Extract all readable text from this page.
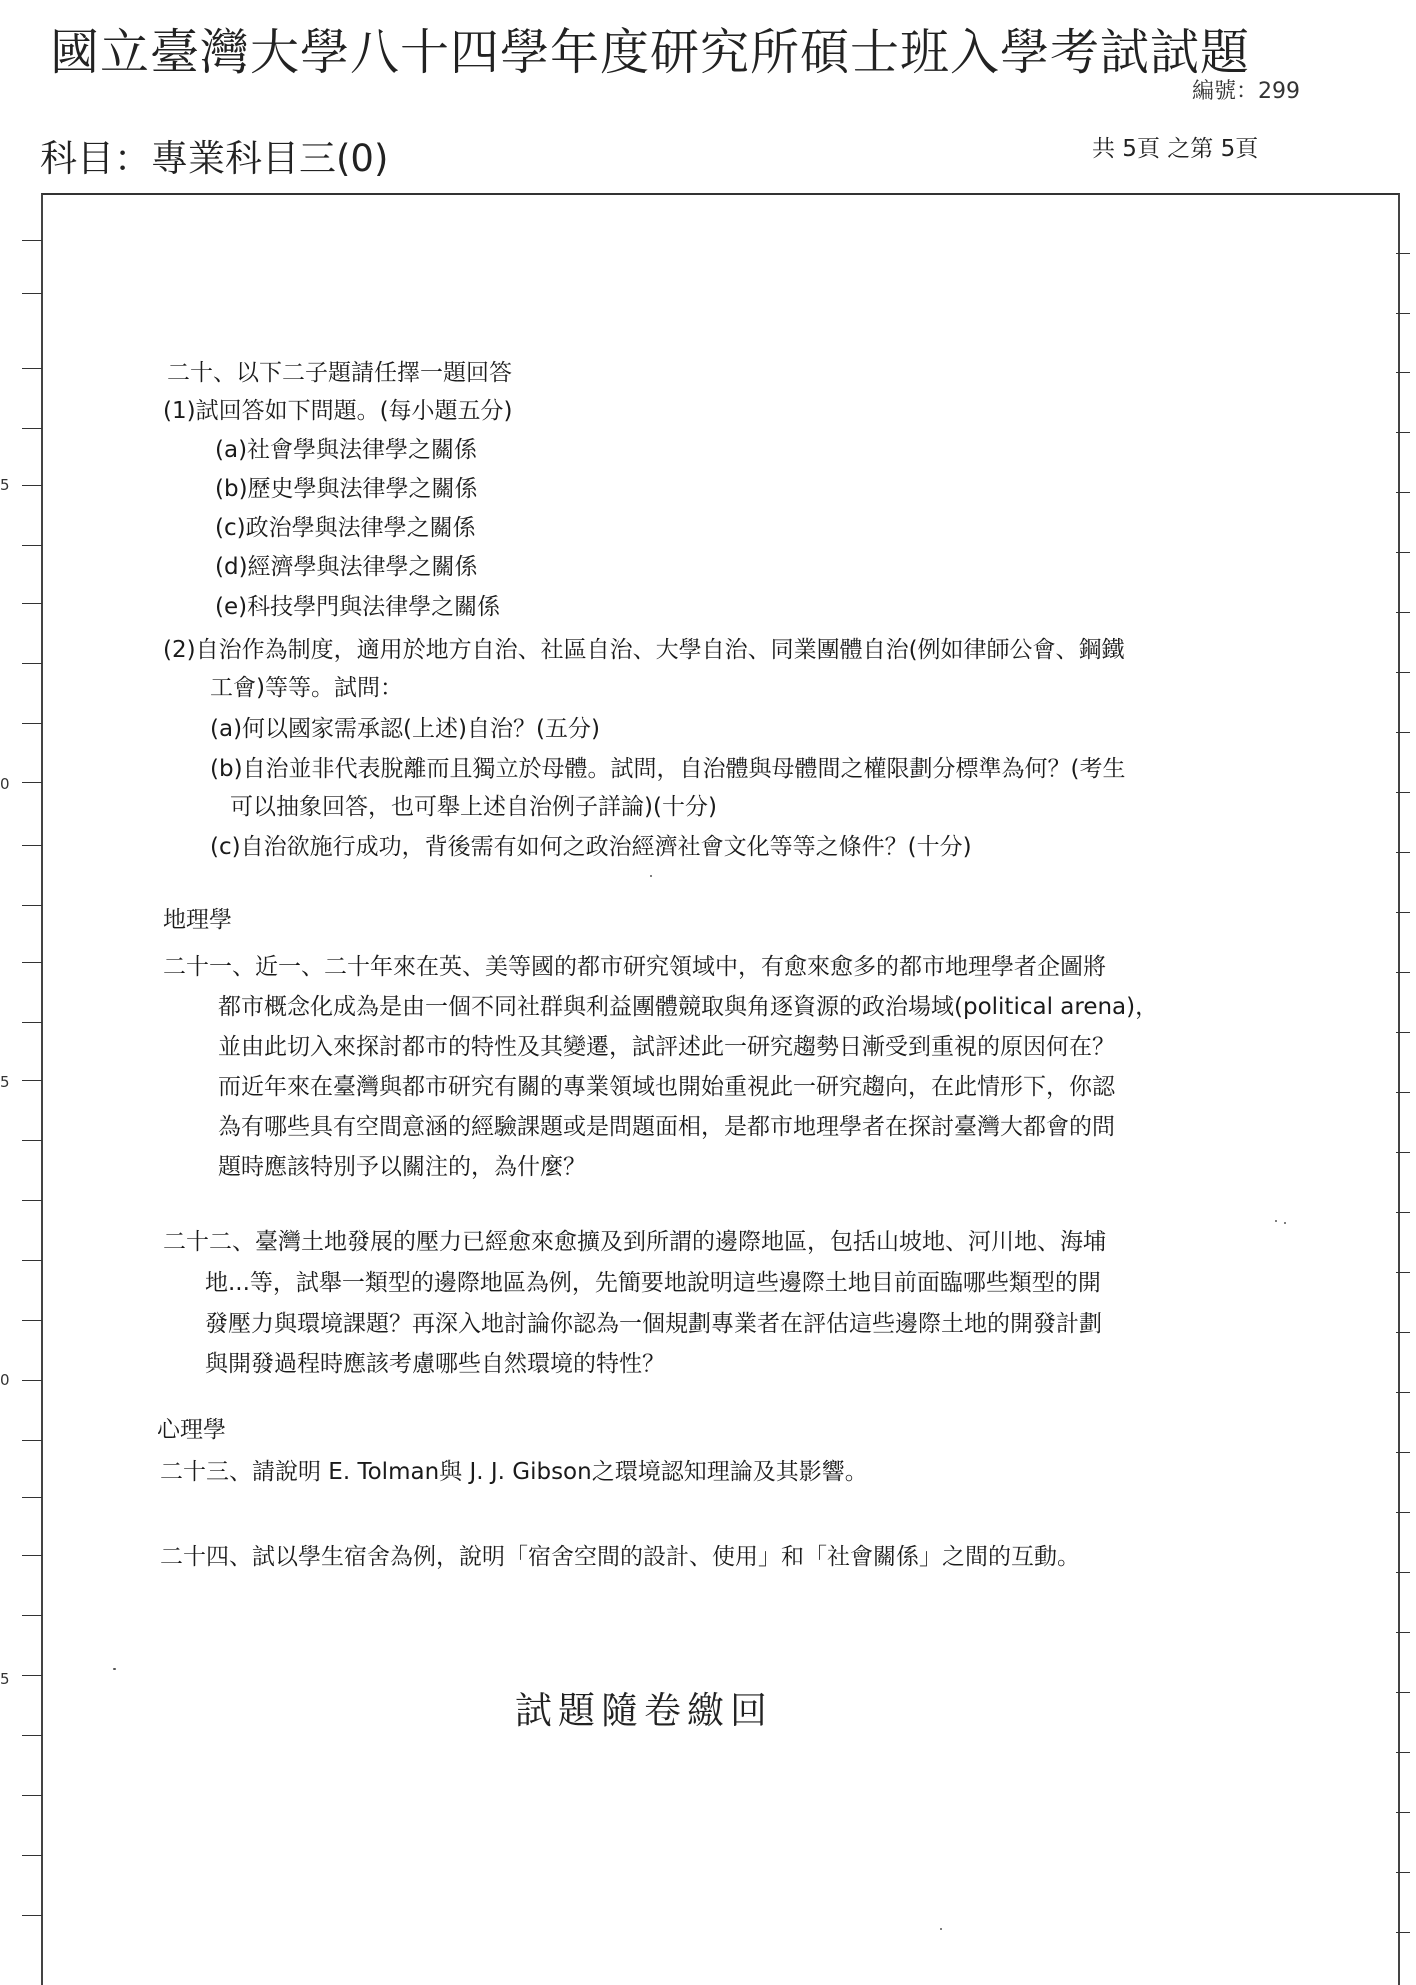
國立臺灣大學八十四學年度研究所碩士班入學考試試題
編號：299
科目：專業科目三(0)	共 5頁 之第 5頁
5
0
5
0
5
二十、以下二子題請任擇一題回答
(1)試回答如下問題。(每小題五分)
(a)社會學與法律學之關係
(b)歷史學與法律學之關係
(c)政治學與法律學之關係
(d)經濟學與法律學之關係
(e)科技學門與法律學之關係
(2)自治作為制度，適用於地方自治、社區自治、大學自治、同業團體自治(例如律師公會、鋼鐵
工會)等等。試問：
(a)何以國家需承認(上述)自治？(五分)
(b)自治並非代表脫離而且獨立於母體。試問，自治體與母體間之權限劃分標準為何？(考生
可以抽象回答，也可舉上述自治例子詳論)(十分)
(c)自治欲施行成功，背後需有如何之政治經濟社會文化等等之條件？(十分)
地理學
二十一、近一、二十年來在英、美等國的都市研究領域中，有愈來愈多的都市地理學者企圖將
都市概念化成為是由一個不同社群與利益團體競取與角逐資源的政治場域(political arena)，
並由此切入來探討都市的特性及其變遷，試評述此一研究趨勢日漸受到重視的原因何在？
而近年來在臺灣與都市研究有關的專業領域也開始重視此一研究趨向，在此情形下，你認
為有哪些具有空間意涵的經驗課題或是問題面相，是都市地理學者在探討臺灣大都會的問
題時應該特別予以關注的，為什麼？
二十二、臺灣土地發展的壓力已經愈來愈擴及到所謂的邊際地區，包括山坡地、河川地、海埔
地...等，試舉一類型的邊際地區為例，先簡要地說明這些邊際土地目前面臨哪些類型的開
發壓力與環境課題？再深入地討論你認為一個規劃專業者在評估這些邊際土地的開發計劃
與開發過程時應該考慮哪些自然環境的特性？
心理學
二十三、請說明 E. Tolman與 J. J. Gibson之環境認知理論及其影響。
二十四、試以學生宿舍為例，說明「宿舍空間的設計、使用」和「社會關係」之間的互動。
試題隨卷繳回
